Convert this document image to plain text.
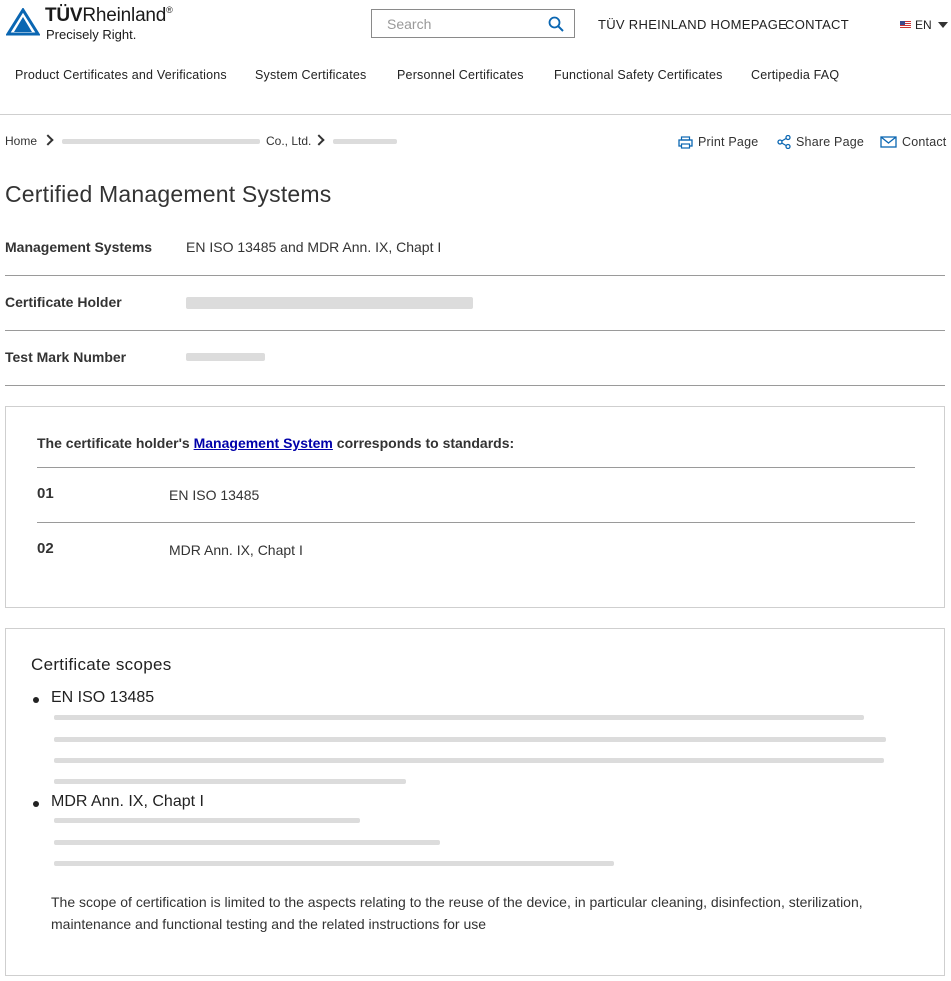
TÜVRheinland®
Precisely Right.
Search
TÜV RHEINLAND HOMEPAGE
CONTACT	EN
Product Certificates and Verifications System Certificates Personnel Certificates Functional Safety Certificates Certipedia FAQ
Home	Co., Ltd.	Print Page	Share Page	Contact
Certified Management Systems
Management Systems EN ISO 13485 and MDR Ann. IX, Chapt I
Certificate Holder
Test Mark Number
The certificate holder's Management System corresponds to standards:
01	EN ISO 13485
02	MDR Ann. IX, Chapt I
Certificate scopes
EN ISO 13485
MDR Ann. IX, Chapt I
The scope of certification is limited to the aspects relating to the reuse of the device, in particular cleaning, disinfection, sterilization, maintenance and functional testing and the related instructions for use
